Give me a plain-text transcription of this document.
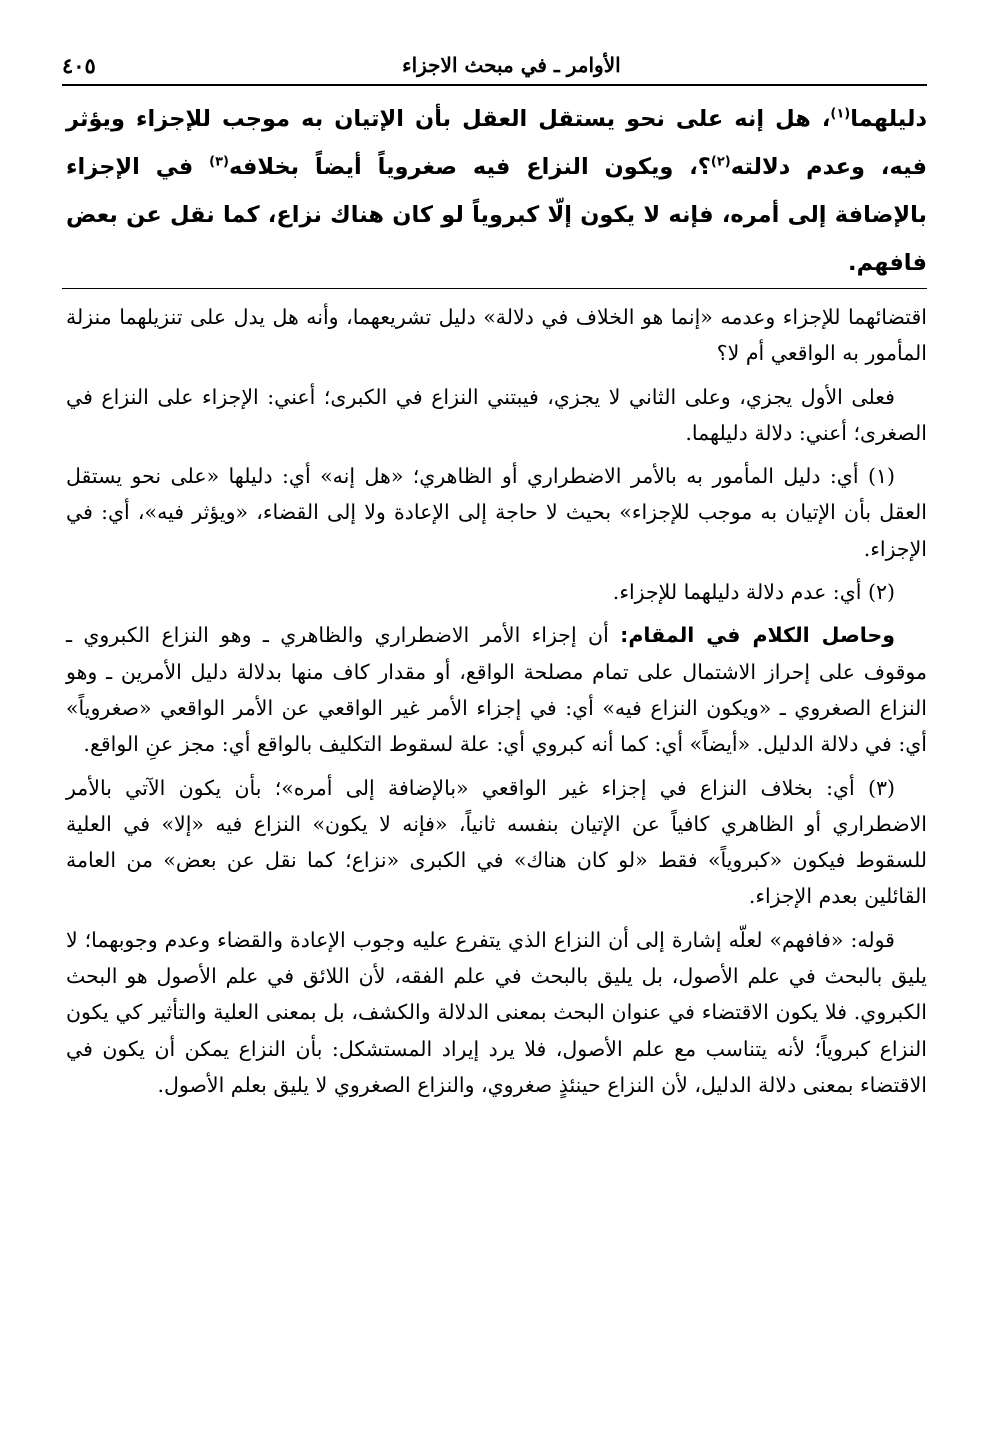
الأوامر ـ في مبحث الاجزاء
٤٠٥
دليلهما$^{(١)}$، هل إنه على نحو يستقل العقل بأن الإتيان به موجب للإجزاء ويؤثر فيه، وعدم دلالته$^{(٢)}$؟، ويكون النزاع فيه صغروياً أيضاً بخلافه$^{(٣)}$ في الإجزاء بالإضافة إلى أمره، فإنه لا يكون إلّا كبروياً لو كان هناك نزاع، كما نقل عن بعض فافهم.

اقتضائهما للإجزاء وعدمه «إنما هو الخلاف في دلالة» دليل تشريعهما، وأنه هل يدل على تنزيلهما منزلة المأمور به الواقعي أم لا؟

فعلى الأول يجزي، وعلى الثاني لا يجزي، فيبتني النزاع في الكبرى؛ أعني: الإجزاء على النزاع في الصغرى؛ أعني: دلالة دليلهما.

(١) أي: دليل المأمور به بالأمر الاضطراري أو الظاهري؛ «هل إنه» أي: دليلها «على نحو يستقل العقل بأن الإتيان به موجب للإجزاء» بحيث لا حاجة إلى الإعادة ولا إلى القضاء، «ويؤثر فيه»، أي: في الإجزاء.

(٢) أي: عدم دلالة دليلهما للإجزاء.

وحاصل الكلام في المقام: أن إجزاء الأمر الاضطراري والظاهري ـ وهو النزاع الكبروي ـ موقوف على إحراز الاشتمال على تمام مصلحة الواقع، أو مقدار كاف منها بدلالة دليل الأمرين ـ وهو النزاع الصغروي ـ «ويكون النزاع فيه» أي: في إجزاء الأمر غير الواقعي عن الأمر الواقعي «صغروياً» أي: في دلالة الدليل. «أيضاً» أي: كما أنه كبروي أي: علة لسقوط التكليف بالواقع أي: مجز عنِ الواقع.

(٣) أي: بخلاف النزاع في إجزاء غير الواقعي «بالإضافة إلى أمره»؛ بأن يكون الآتي بالأمر الاضطراري أو الظاهري كافياً عن الإتيان بنفسه ثانياً، «فإنه لا يكون» النزاع فيه «إلا» في العلية للسقوط فيكون «كبروياً» فقط «لو كان هناك» في الكبرى «نزاع؛ كما نقل عن بعض» من العامة القائلين بعدم الإجزاء.

قوله: «فافهم» لعلّه إشارة إلى أن النزاع الذي يتفرع عليه وجوب الإعادة والقضاء وعدم وجوبهما؛ لا يليق بالبحث في علم الأصول، بل يليق بالبحث في علم الفقه، لأن اللائق في علم الأصول هو البحث الكبروي. فلا يكون الاقتضاء في عنوان البحث بمعنى الدلالة والكشف، بل بمعنى العلية والتأثير كي يكون النزاع كبروياً؛ لأنه يتناسب مع علم الأصول، فلا يرد إيراد المستشكل: بأن النزاع يمكن أن يكون في الاقتضاء بمعنى دلالة الدليل، لأن النزاع حينئذٍ صغروي، والنزاع الصغروي لا يليق بعلم الأصول.
